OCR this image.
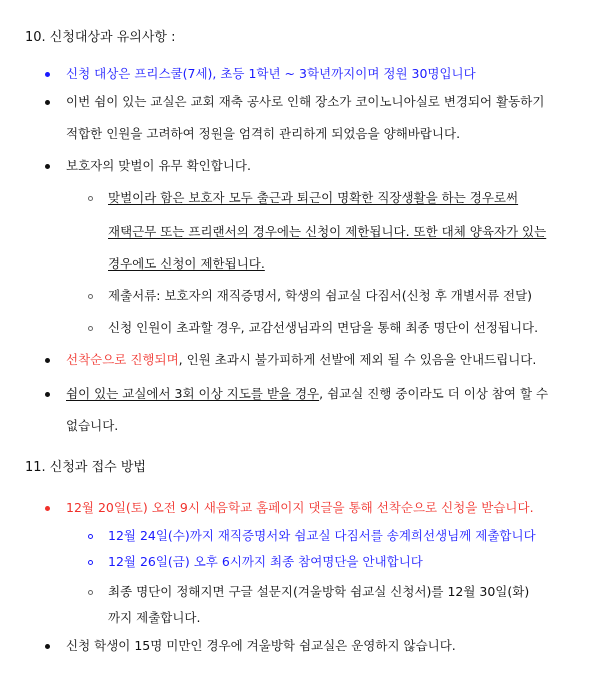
10. 신청대상과 유의사항 :
신청 대상은 프리스쿨(7세), 초등 1학년 ~ 3학년까지이며 정원 30명입니다
이번 쉼이 있는 교실은 교회 재축 공사로 인해 장소가 코이노니아실로 변경되어 활동하기
적합한 인원을 고려하여 정원을 엄격히 관리하게 되었음을 양해바랍니다.
보호자의 맞벌이 유무 확인합니다.
맞벌이라 함은 보호자 모두 출근과 퇴근이 명확한 직장생활을 하는 경우로써
재택근무 또는 프리랜서의 경우에는 신청이 제한됩니다. 또한 대체 양육자가 있는
경우에도 신청이 제한됩니다.
제출서류: 보호자의 재직증명서, 학생의 쉼교실 다짐서(신청 후 개별서류 전달)
신청 인원이 초과할 경우, 교감선생님과의 면담을 통해 최종 명단이 선정됩니다.
선착순으로 진행되며, 인원 초과시 불가피하게 선발에 제외 될 수 있음을 안내드립니다.
쉼이 있는 교실에서 3회 이상 지도를 받을 경우, 쉼교실 진행 중이라도 더 이상 참여 할 수
없습니다.
11. 신청과 접수 방법
12월 20일(토) 오전 9시 새음학교 홈페이지 댓글을 통해 선착순으로 신청을 받습니다.
12월 24일(수)까지 재직증명서와 쉼교실 다짐서를 송계희선생님께 제출합니다
12월 26일(금) 오후 6시까지 최종 참여명단을 안내합니다
최종 명단이 정해지면 구글 설문지(겨울방학 쉼교실 신청서)를 12월 30일(화)
까지 제출합니다.
신청 학생이 15명 미만인 경우에 겨울방학 쉼교실은 운영하지 않습니다.
